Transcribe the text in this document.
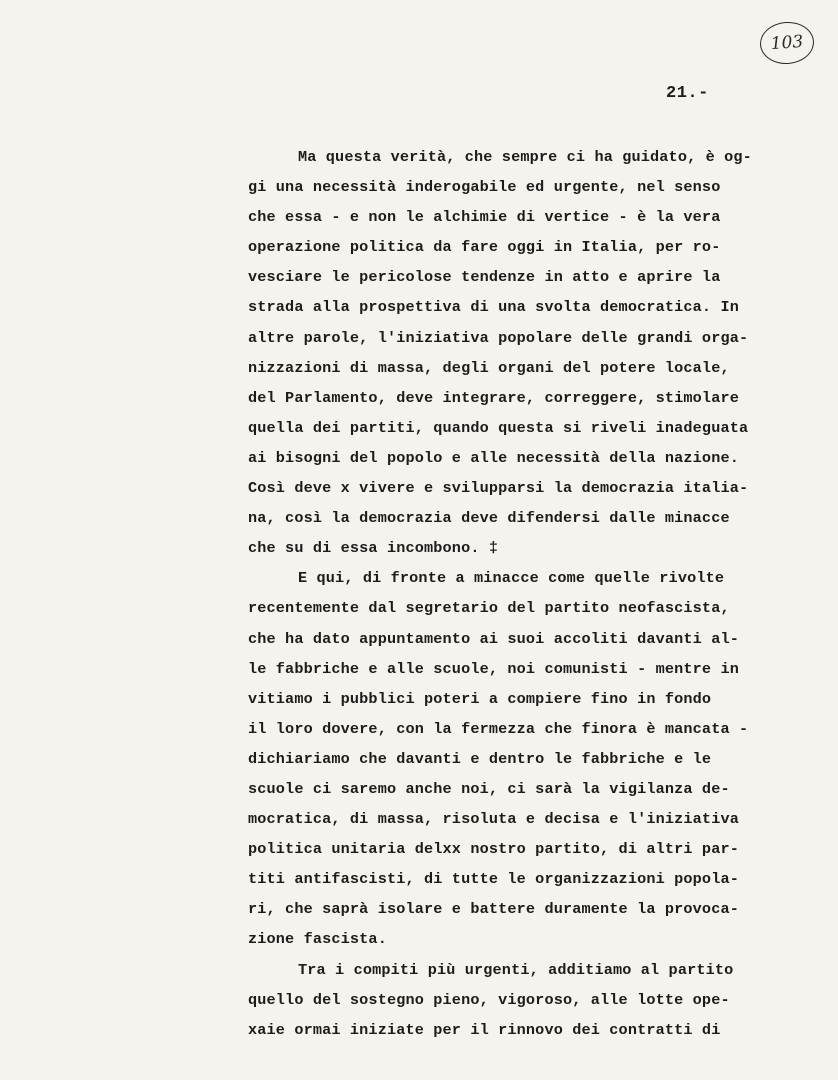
103
21.-
Ma questa verità, che sempre ci ha guidato, è og-
gi una necessità inderogabile ed urgente, nel senso
che essa - e non le alchimie di vertice - è la vera
operazione politica da fare oggi in Italia, per ro-
vesciare le pericolose tendenze in atto e aprire la
strada alla prospettiva di una svolta democratica. In
altre parole, l'iniziativa popolare delle grandi orga-
nizzazioni di massa, degli organi del potere locale,
del Parlamento, deve integrare, correggere, stimolare
quella dei partiti, quando questa si riveli inadeguata
ai bisogni del popolo e alle necessità della nazione.
Così deve x vivere e svilupparsi la democrazia italia-
na, così la democrazia deve difendersi dalle minacce
che su di essa incombono. ‡
E qui, di fronte a minacce come quelle rivolte
recentemente dal segretario del partito neofascista,
che ha dato appuntamento ai suoi accoliti davanti al-
le fabbriche e alle scuole, noi comunisti - mentre in
vitiamo i pubblici poteri a compiere fino in fondo
il loro dovere, con la fermezza che finora è mancata -
dichiariamo che davanti e dentro le fabbriche e le
scuole ci saremo anche noi, ci sarà la vigilanza de-
mocratica, di massa, risoluta e decisa e l'iniziativa
politica unitaria delxx nostro partito, di altri par-
titi antifascisti, di tutte le organizzazioni popola-
ri, che saprà isolare e battere duramente la provoca-
zione fascista.
Tra i compiti più urgenti, additiamo al partito
quello del sostegno pieno, vigoroso, alle lotte ope-
xaie ormai iniziate per il rinnovo dei contratti di
